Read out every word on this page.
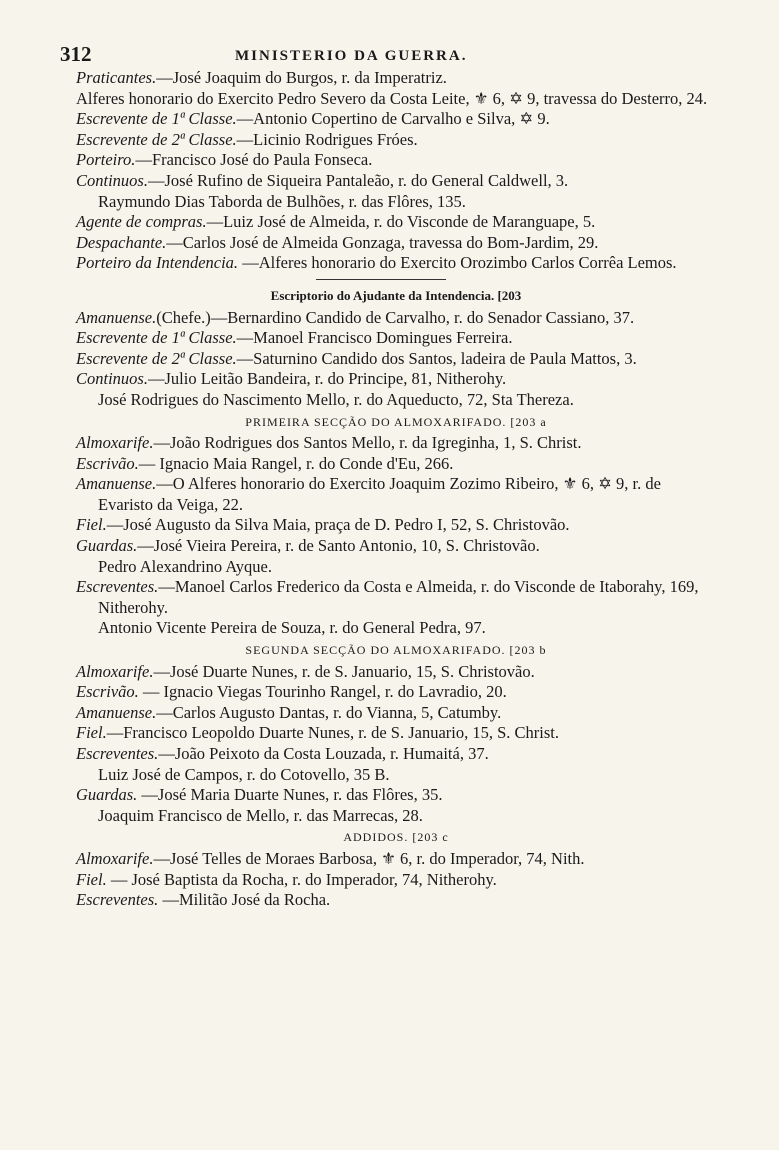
312	MINISTERIO DA GUERRA.

Praticantes.—José Joaquim do Burgos, r. da Imperatriz.

Alferes honorario do Exercito Pedro Severo da Costa Leite, ⚜ 6, ✡ 9, travessa do Desterro, 24.

Escrevente de 1ª Classe.—Antonio Copertino de Carvalho e Silva, ✡ 9.

Escrevente de 2ª Classe.—Licinio Rodrigues Fróes.

Porteiro.—Francisco José do Paula Fonseca.

Continuos.—José Rufino de Siqueira Pantaleão, r. do General Caldwell, 3.

Raymundo Dias Taborda de Bulhões, r. das Flôres, 135.

Agente de compras.—Luiz José de Almeida, r. do Visconde de Maranguape, 5.

Despachante.—Carlos José de Almeida Gonzaga, travessa do Bom-Jardim, 29.

Porteiro da Intendencia. —Alferes honorario do Exercito Orozimbo Carlos Corrêa Lemos.

Escriptorio do Ajudante da Intendencia. [203

Amanuense.(Chefe.)—Bernardino Candido de Carvalho, r. do Senador Cassiano, 37.

Escrevente de 1ª Classe.—Manoel Francisco Domingues Ferreira.

Escrevente de 2ª Classe.—Saturnino Candido dos Santos, ladeira de Paula Mattos, 3.

Continuos.—Julio Leitão Bandeira, r. do Principe, 81, Nitherohy.

José Rodrigues do Nascimento Mello, r. do Aqueducto, 72, Sta Thereza.

PRIMEIRA SECÇÃO DO ALMOXARIFADO. [203 a

Almoxarife.—João Rodrigues dos Santos Mello, r. da Igreginha, 1, S. Christ.

Escrivão.— Ignacio Maia Rangel, r. do Conde d'Eu, 266.

Amanuense.—O Alferes honorario do Exercito Joaquim Zozimo Ribeiro, ⚜ 6, ✡ 9, r. de Evaristo da Veiga, 22.

Fiel.—José Augusto da Silva Maia, praça de D. Pedro I, 52, S. Christovão.

Guardas.—José Vieira Pereira, r. de Santo Antonio, 10, S. Christovão.

Pedro Alexandrino Ayque.

Escreventes.—Manoel Carlos Frederico da Costa e Almeida, r. do Visconde de Itaborahy, 169, Nitherohy.

Antonio Vicente Pereira de Souza, r. do General Pedra, 97.

SEGUNDA SECÇÃO DO ALMOXARIFADO. [203 b

Almoxarife.—José Duarte Nunes, r. de S. Januario, 15, S. Christovão.

Escrivão. — Ignacio Viegas Tourinho Rangel, r. do Lavradio, 20.

Amanuense.—Carlos Augusto Dantas, r. do Vianna, 5, Catumby.

Fiel.—Francisco Leopoldo Duarte Nunes, r. de S. Januario, 15, S. Christ.

Escreventes.—João Peixoto da Costa Louzada, r. Humaitá, 37.

Luiz José de Campos, r. do Cotovello, 35 B.

Guardas. —José Maria Duarte Nunes, r. das Flôres, 35.

Joaquim Francisco de Mello, r. das Marrecas, 28.

ADDIDOS. [203 c

Almoxarife.—José Telles de Moraes Barbosa, ⚜ 6, r. do Imperador, 74, Nith.

Fiel. — José Baptista da Rocha, r. do Imperador, 74, Nitherohy.

Escreventes. —Militão José da Rocha.
